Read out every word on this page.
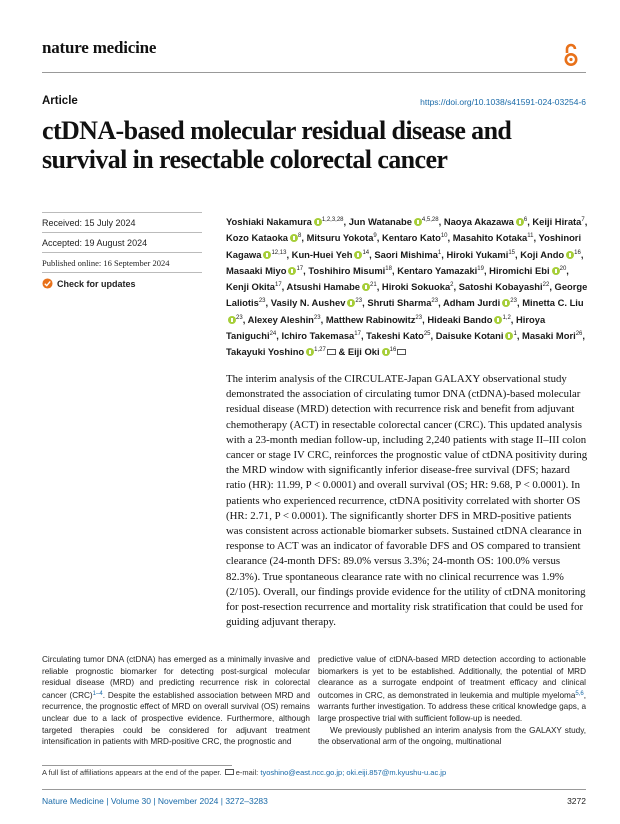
nature medicine
Article	https://doi.org/10.1038/s41591-024-03254-6
ctDNA-based molecular residual disease and survival in resectable colorectal cancer
Received: 15 July 2024
Accepted: 19 August 2024
Published online: 16 September 2024
Check for updates

Yoshiaki Nakamura $^{1,2,3,28}$, Jun Watanabe $^{4,5,28}$, Naoya Akazawa $^6$, Keiji Hirata$^7$, Kozo Kataoka $^8$, Mitsuru Yokota$^9$, Kentaro Kato$^{10}$, Masahito Kotaka$^{11}$, Yoshinori Kagawa $^{12,13}$, Kun-Huei Yeh $^{14}$, Saori Mishima$^1$, Hiroki Yukami$^{15}$, Koji Ando $^{16}$, Masaaki Miyo $^{17}$, Toshihiro Misumi$^{18}$, Kentaro Yamazaki$^{19}$, Hiromichi Ebi $^{20}$, Kenji Okita$^{17}$, Atsushi Hamabe $^{21}$, Hiroki Sokuoka$^2$, Satoshi Kobayashi$^{22}$, George Laliotis$^{23}$, Vasily N. Aushev $^{23}$, Shruti Sharma$^{23}$, Adham Jurdi $^{23}$, Minetta C. Liu$^{23}$, Alexey Aleshin$^{23}$, Matthew Rabinowitz$^{23}$, Hideaki Bando $^{1,2}$, Hiroya Taniguchi$^{24}$, Ichiro Takemasa$^{17}$, Takeshi Kato$^{25}$, Daisuke Kotani $^1$, Masaki Mori$^{26}$, Takayuki Yoshino $^{1,27}$ & Eiji Oki $^{16}$

The interim analysis of the CIRCULATE-Japan GALAXY observational study demonstrated the association of circulating tumor DNA (ctDNA)-based molecular residual disease (MRD) detection with recurrence risk and benefit from adjuvant chemotherapy (ACT) in resectable colorectal cancer (CRC). This updated analysis with a 23-month median follow-up, including 2,240 patients with stage II–III colon cancer or stage IV CRC, reinforces the prognostic value of ctDNA positivity during the MRD window with significantly inferior disease-free survival (DFS; hazard ratio (HR): 11.99, P < 0.0001) and overall survival (OS; HR: 9.68, P < 0.0001). In patients who experienced recurrence, ctDNA positivity correlated with shorter OS (HR: 2.71, P < 0.0001). The significantly shorter DFS in MRD-positive patients was consistent across actionable biomarker subsets. Sustained ctDNA clearance in response to ACT was an indicator of favorable DFS and OS compared to transient clearance (24-month DFS: 89.0% versus 3.3%; 24-month OS: 100.0% versus 82.3%). True spontaneous clearance rate with no clinical recurrence was 1.9% (2/105). Overall, our findings provide evidence for the utility of ctDNA monitoring for post-resection recurrence and mortality risk stratification that could be used for guiding adjuvant therapy.

Circulating tumor DNA (ctDNA) has emerged as a minimally invasive and reliable prognostic biomarker for detecting post-surgical molecular residual disease (MRD) and predicting recurrence risk in colorectal cancer (CRC)$^{1-4}$. Despite the established association between MRD and recurrence, the prognostic effect of MRD on overall survival (OS) remains unclear due to a lack of prospective evidence. Furthermore, although targeted therapies could be considered for adjuvant treatment intensification in patients with MRD-positive CRC, the prognostic and

predictive value of ctDNA-based MRD detection according to actionable biomarkers is yet to be established. Additionally, the potential of MRD clearance as a surrogate endpoint of treatment efficacy and clinical outcomes in CRC, as demonstrated in leukemia and multiple myeloma$^{5,6}$, warrants further investigation. To address these critical knowledge gaps, a large prospective trial with sufficient follow-up is needed.
We previously published an interim analysis from the GALAXY study, the observational arm of the ongoing, multinational

A full list of affiliations appears at the end of the paper. e-mail: tyoshino@east.ncc.go.jp; oki.eiji.857@m.kyushu-u.ac.jp
Nature Medicine | Volume 30 | November 2024 | 3272–3283	3272
